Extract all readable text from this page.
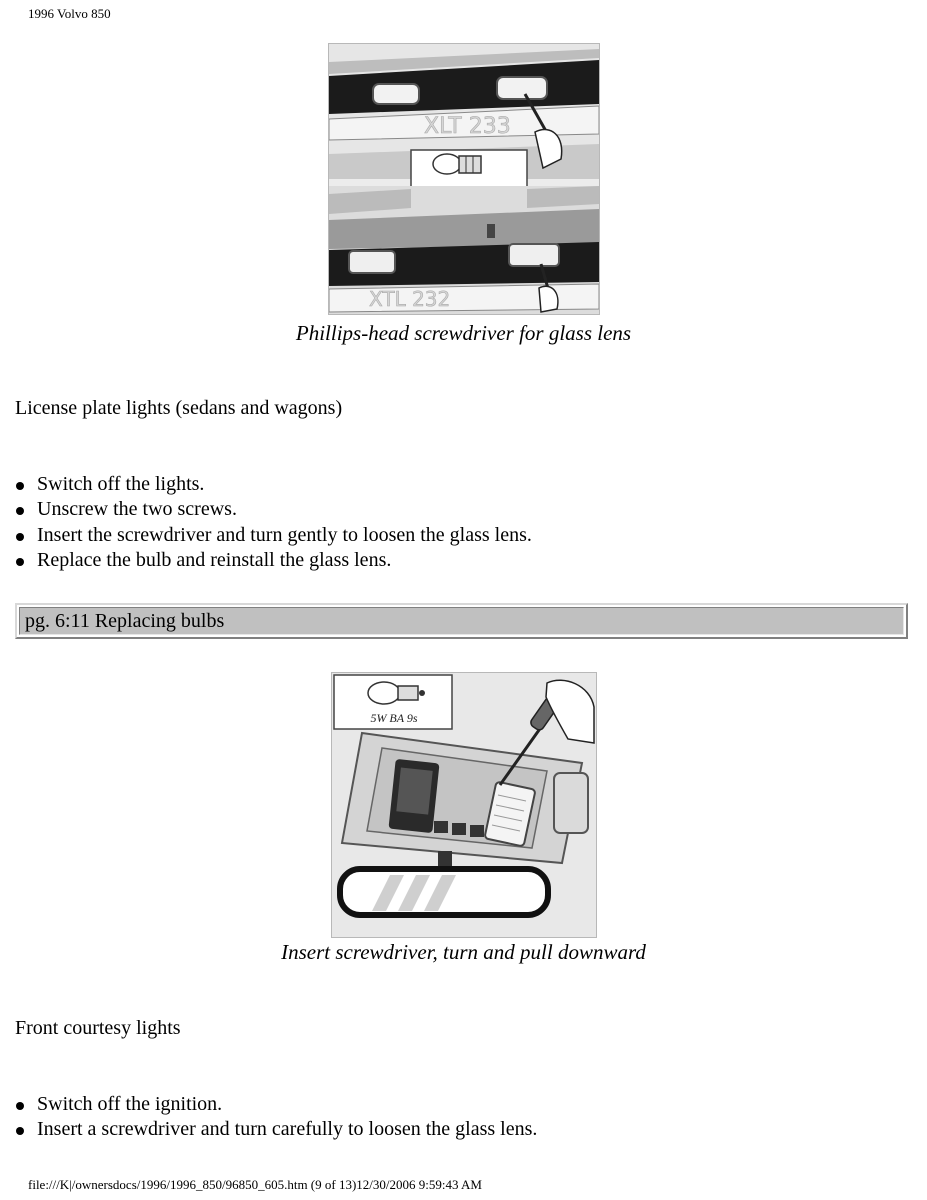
1996 Volvo 850
XLT 233
XTL 232
Phillips-head screwdriver for glass lens
License plate lights (sedans and wagons)
Switch off the lights.
Unscrew the two screws.
Insert the screwdriver and turn gently to loosen the glass lens.
Replace the bulb and reinstall the glass lens.
pg. 6:11 Replacing bulbs
5W BA 9s
Insert screwdriver, turn and pull downward
Front courtesy lights
Switch off the ignition.
Insert a screwdriver and turn carefully to loosen the glass lens.
file:///K|/ownersdocs/1996/1996_850/96850_605.htm (9 of 13)12/30/2006 9:59:43 AM
